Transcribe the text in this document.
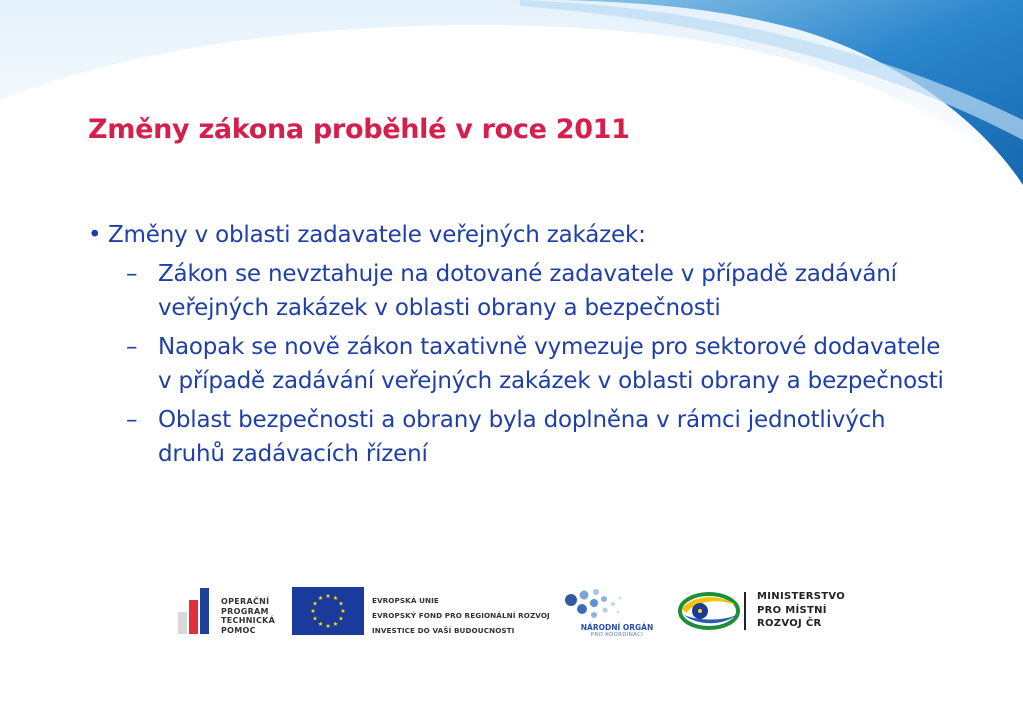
Změny zákona proběhlé v roce 2011

• Změny v oblasti zadavatele veřejných zakázek:

– Zákon se nevztahuje na dotované zadavatele v případě zadávání veřejných zakázek v oblasti obrany a bezpečnosti

– Naopak se nově zákon taxativně vymezuje pro sektorové dodavatele v případě zadávání veřejných zakázek v oblasti obrany a bezpečnosti

– Oblast bezpečnosti a obrany byla doplněna v rámci jednotlivých druhů zadávacích řízení

OPERAČNÍ
PROGRAM
TECHNICKÁ
POMOC
EVROPSKÁ UNIE
EVROPSKÝ FOND PRO REGIONÁLNÍ ROZVOJ
INVESTICE DO VAŠÍ BUDOUCNOSTI	NÁRODNÍ ORGÁN
PRO KOORDINACI
MINISTERSTVO
PRO MÍSTNÍ
ROZVOJ ČR
